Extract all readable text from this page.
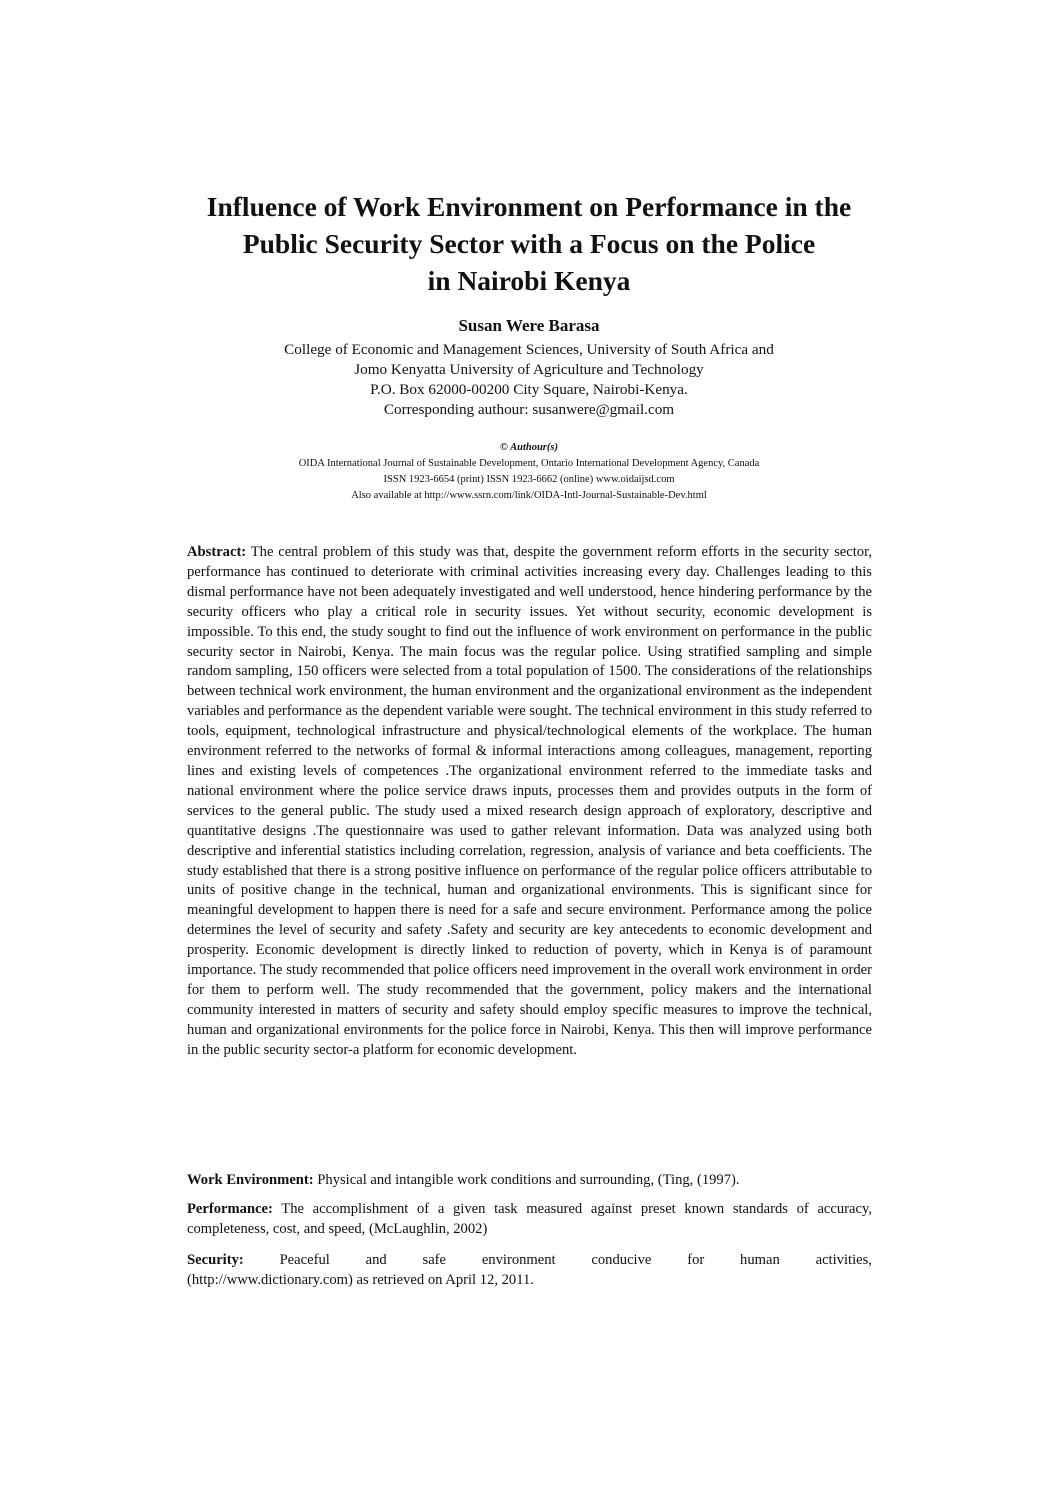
Influence of Work Environment on Performance in the
Public Security Sector with a Focus on the Police
in Nairobi Kenya
Susan Were Barasa
College of Economic and Management Sciences, University of South Africa and
Jomo Kenyatta University of Agriculture and Technology
P.O. Box 62000-00200 City Square, Nairobi-Kenya.
Corresponding authour: susanwere@gmail.com
© Authour(s)
OIDA International Journal of Sustainable Development, Ontario International Development Agency, Canada
ISSN 1923-6654 (print) ISSN 1923-6662 (online) www.oidaijsd.com
Also available at http://www.ssrn.com/link/OIDA-Intl-Journal-Sustainable-Dev.html

Abstract: The central problem of this study was that, despite the government reform efforts in the security sector, performance has continued to deteriorate with criminal activities increasing every day. Challenges leading to this dismal performance have not been adequately investigated and well understood, hence hindering performance by the security officers who play a critical role in security issues. Yet without security, economic development is impossible. To this end, the study sought to find out the influence of work environment on performance in the public security sector in Nairobi, Kenya. The main focus was the regular police. Using stratified sampling and simple random sampling, 150 officers were selected from a total population of 1500. The considerations of the relationships between technical work environment, the human environment and the organizational environment as the independent variables and performance as the dependent variable were sought. The technical environment in this study referred to tools, equipment, technological infrastructure and physical/technological elements of the workplace. The human environment referred to the networks of formal & informal interactions among colleagues, management, reporting lines and existing levels of competences .The organizational environment referred to the immediate tasks and national environment where the police service draws inputs, processes them and provides outputs in the form of services to the general public. The study used a mixed research design approach of exploratory, descriptive and quantitative designs .The questionnaire was used to gather relevant information. Data was analyzed using both descriptive and inferential statistics including correlation, regression, analysis of variance and beta coefficients. The study established that there is a strong positive influence on performance of the regular police officers attributable to units of positive change in the technical, human and organizational environments. This is significant since for meaningful development to happen there is need for a safe and secure environment. Performance among the police determines the level of security and safety .Safety and security are key antecedents to economic development and prosperity. Economic development is directly linked to reduction of poverty, which in Kenya is of paramount importance. The study recommended that police officers need improvement in the overall work environment in order for them to perform well. The study recommended that the government, policy makers and the international community interested in matters of security and safety should employ specific measures to improve the technical, human and organizational environments for the police force in Nairobi, Kenya. This then will improve performance in the public security sector-a platform for economic development.

Work Environment: Physical and intangible work conditions and surrounding, (Ting, (1997).

Performance: The accomplishment of a given task measured against preset known standards of accuracy, completeness, cost, and speed, (McLaughlin, 2002)

Security: Peaceful and safe environment conducive for human activities,
(http://www.dictionary.com) as retrieved on April 12, 2011.
